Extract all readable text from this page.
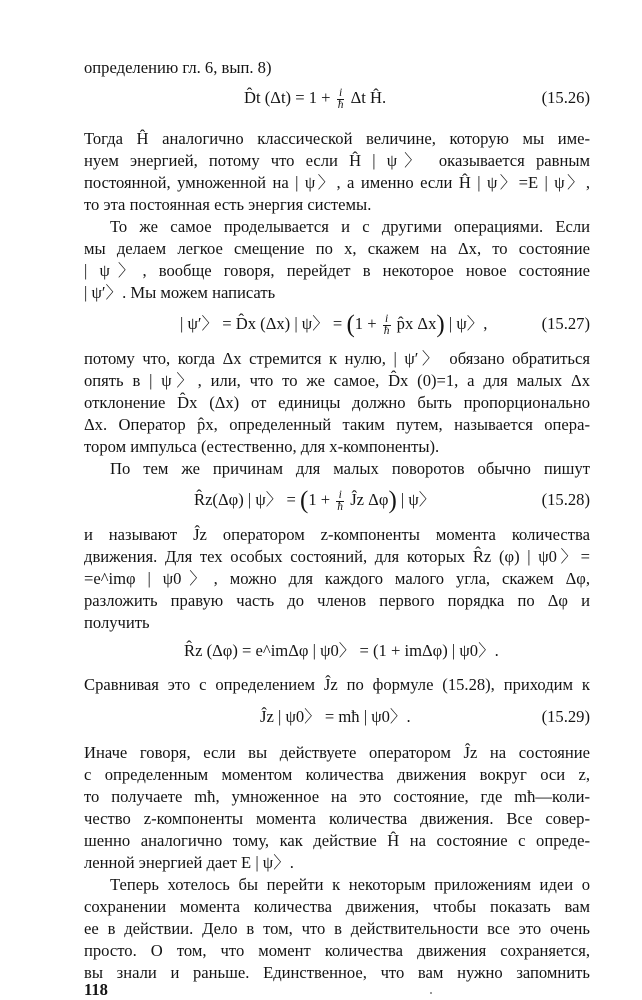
определению гл. 6, вып. 8)
D̂t $(\Delta t) = 1 + \frac{i}{ħ}$ Δt Ĥ.	(15.26)
Тогда Ĥ аналогично классической величине, которую мы име-
нуем энергией, потому что если Ĥ | ψ〉 оказывается равным
постоянной, умноженной на | ψ〉, а именно если Ĥ | ψ〉=E | ψ〉,
то эта постоянная есть энергия системы.
То же самое проделывается и с другими операциями. Если
мы делаем легкое смещение по x, скажем на Δx, то состояние
| ψ〉, вообще говоря, перейдет в некоторое новое состояние
| ψ′〉. Мы можем написать
| ψ′〉 = D̂x (Δx) | ψ〉 = ($1 + \frac{i}{ħ}$ p̂x Δx) | ψ〉,	(15.27)
потому что, когда Δx стремится к нулю, | ψ′〉 обязано обратиться
опять в | ψ〉, или, что то же самое, D̂x (0)=1, а для малых Δx
отклонение D̂x (Δx) от единицы должно быть пропорционально
Δx. Оператор p̂x, определенный таким путем, называется опера-
тором импульса (естественно, для x-компоненты).
По тем же причинам для малых поворотов обычно пишут
R̂z(Δφ) | ψ〉 = ($1 + \frac{i}{ħ}$ Ĵz Δφ) | ψ〉	(15.28)
и называют Ĵz оператором z-компоненты момента количества
движения. Для тех особых состояний, для которых R̂z (φ) | ψ0〉=
=e^imφ | ψ0〉, можно для каждого малого угла, скажем Δφ,
разложить правую часть до членов первого порядка по Δφ и
получить
R̂z (Δφ) = e^imΔφ | ψ0〉 = (1 + imΔφ) | ψ0〉.
Сравнивая это с определением Ĵz по формуле (15.28), приходим к
Ĵz | ψ0〉 = mħ | ψ0〉.	(15.29)
Иначе говоря, если вы действуете оператором Ĵz на состояние
с определенным моментом количества движения вокруг оси z,
то получаете mħ, умноженное на это состояние, где mħ—коли-
чество z-компоненты момента количества движения. Все совер-
шенно аналогично тому, как действие Ĥ на состояние с опреде-
ленной энергией дает E | ψ〉.
Теперь хотелось бы перейти к некоторым приложениям идеи о
сохранении момента количества движения, чтобы показать вам
ее в действии. Дело в том, что в действительности все это очень
просто. О том, что момент количества движения сохраняется,
вы знали и раньше. Единственное, что вам нужно запомнить
118
